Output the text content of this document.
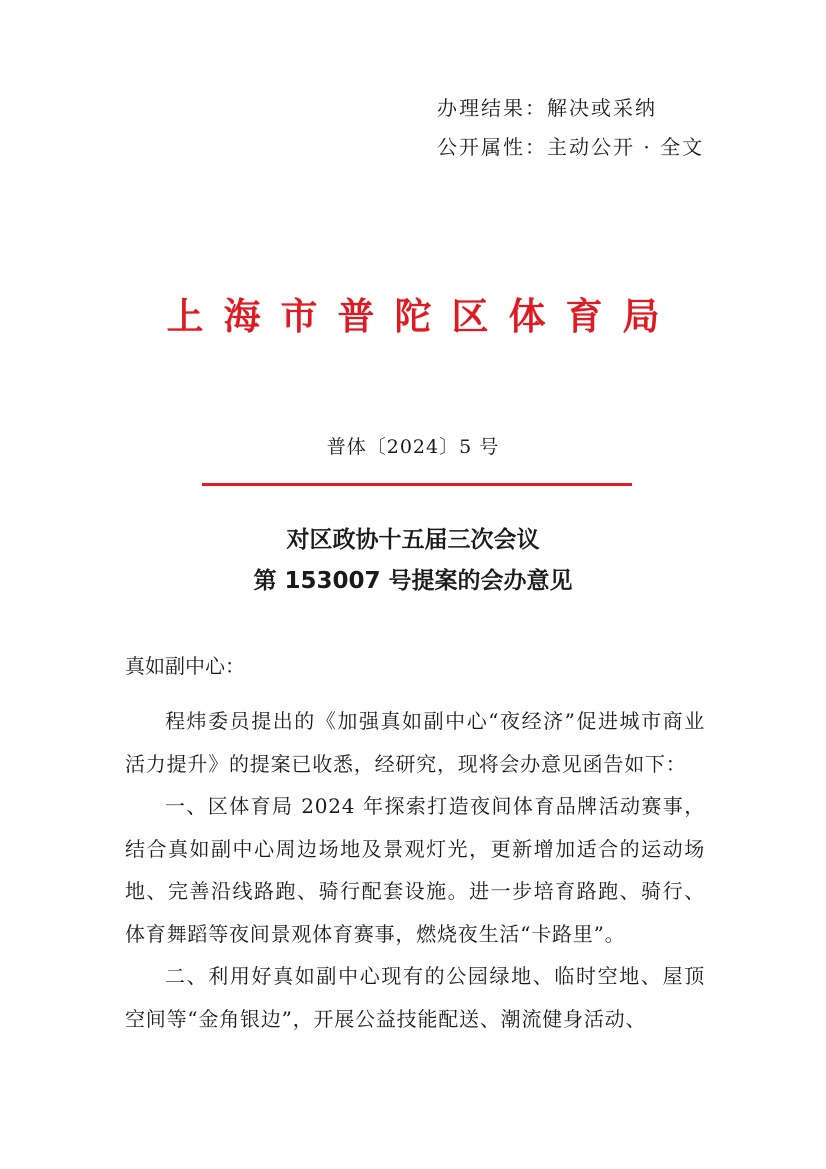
办理结果：解决或采纳
公开属性：主动公开 · 全文
上海市普陀区体育局
普体〔2024〕5 号
对区政协十五届三次会议
第 153007 号提案的会办意见
真如副中心：

程炜委员提出的《加强真如副中心“夜经济”促进城市商业活力提升》的提案已收悉，经研究，现将会办意见函告如下：

一、区体育局 2024 年探索打造夜间体育品牌活动赛事，结合真如副中心周边场地及景观灯光，更新增加适合的运动场地、完善沿线路跑、骑行配套设施。进一步培育路跑、骑行、体育舞蹈等夜间景观体育赛事，燃烧夜生活“卡路里”。

二、利用好真如副中心现有的公园绿地、临时空地、屋顶空间等“金角银边”，开展公益技能配送、潮流健身活动、
